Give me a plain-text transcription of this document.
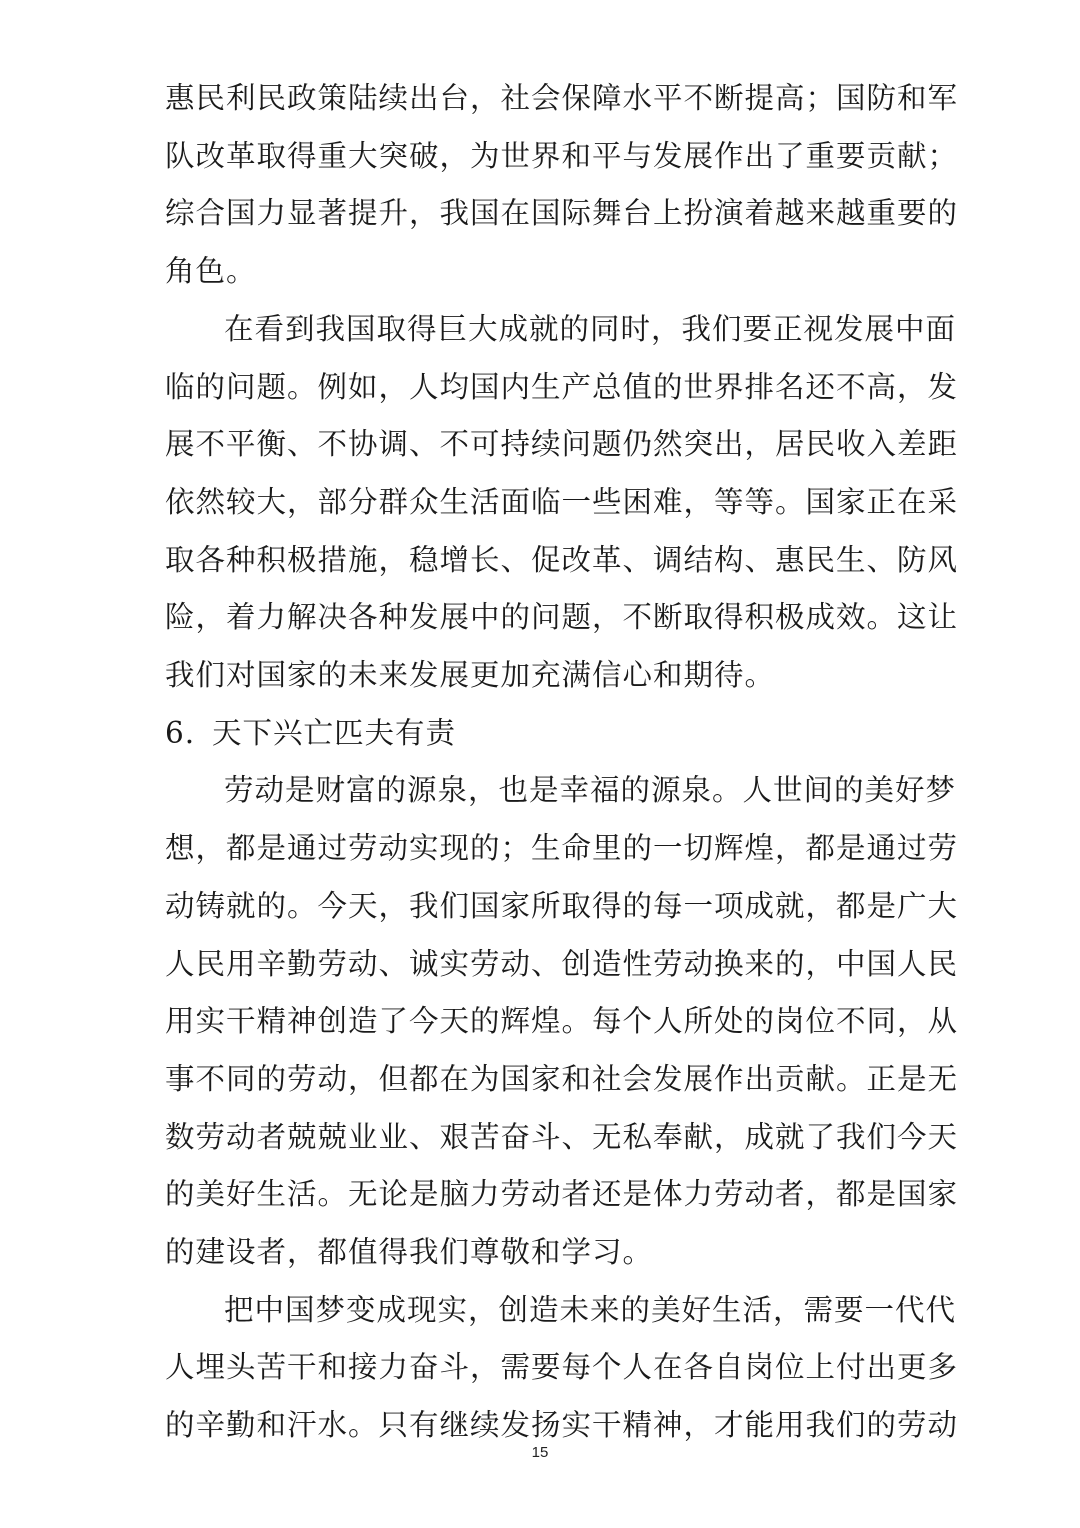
惠民利民政策陆续出台，社会保障水平不断提高；国防和军
队改革取得重大突破，为世界和平与发展作出了重要贡献；
综合国力显著提升，我国在国际舞台上扮演着越来越重要的
角色。
在看到我国取得巨大成就的同时，我们要正视发展中面
临的问题。例如，人均国内生产总值的世界排名还不高，发
展不平衡、不协调、不可持续问题仍然突出，居民收入差距
依然较大，部分群众生活面临一些困难，等等。国家正在采
取各种积极措施，稳增长、促改革、调结构、惠民生、防风
险，着力解决各种发展中的问题，不断取得积极成效。这让
我们对国家的未来发展更加充满信心和期待。
6. 天下兴亡匹夫有责
劳动是财富的源泉，也是幸福的源泉。人世间的美好梦
想，都是通过劳动实现的；生命里的一切辉煌，都是通过劳
动铸就的。今天，我们国家所取得的每一项成就，都是广大
人民用辛勤劳动、诚实劳动、创造性劳动换来的，中国人民
用实干精神创造了今天的辉煌。每个人所处的岗位不同，从
事不同的劳动，但都在为国家和社会发展作出贡献。正是无
数劳动者兢兢业业、艰苦奋斗、无私奉献，成就了我们今天
的美好生活。无论是脑力劳动者还是体力劳动者，都是国家
的建设者，都值得我们尊敬和学习。
把中国梦变成现实，创造未来的美好生活，需要一代代
人埋头苦干和接力奋斗，需要每个人在各自岗位上付出更多
的辛勤和汗水。只有继续发扬实干精神，才能用我们的劳动
15
